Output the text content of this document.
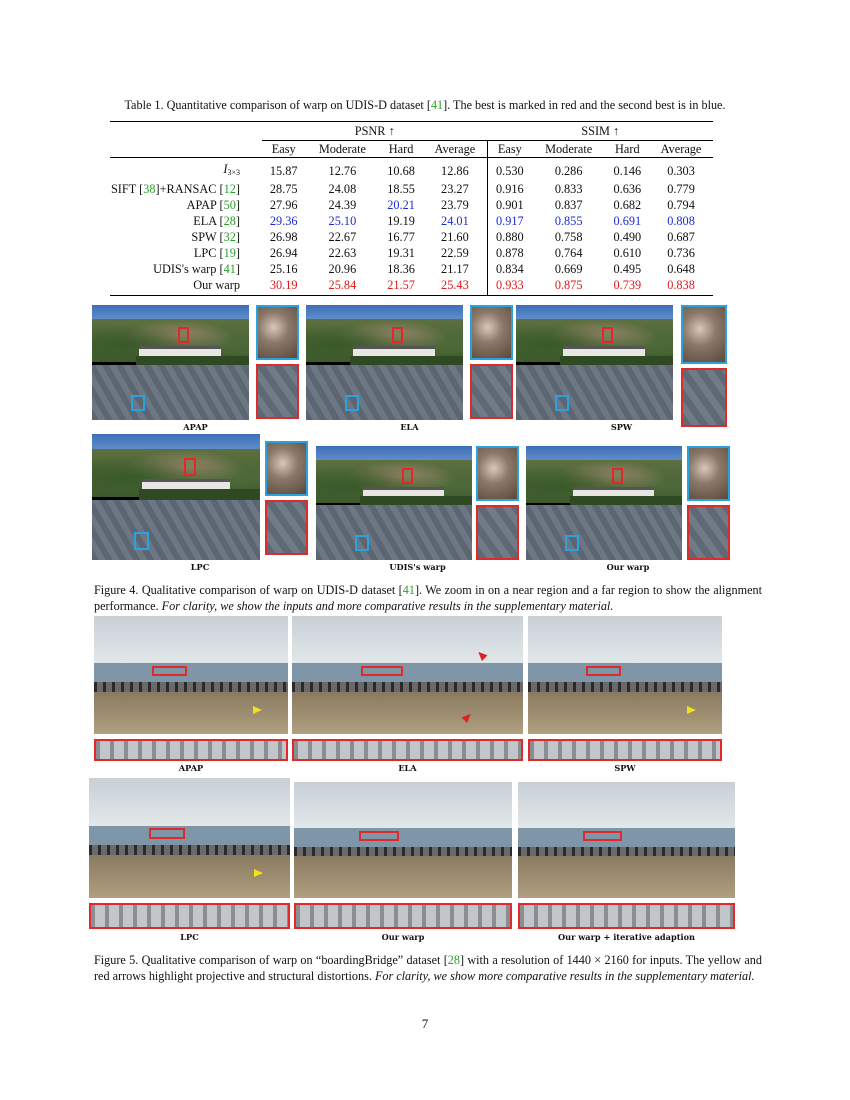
Table 1. Quantitative comparison of warp on UDIS-D dataset [41]. The best is marked in red and the second best is in blue.

	PSNR ↑				SSIM ↑			
	Easy	Moderate	Hard	Average	Easy	Moderate	Hard	Average
$I_{3\times 3}$	15.87	12.76	10.68	12.86	0.530	0.286	0.146	0.303
SIFT [38]+RANSAC [12]	28.75	24.08	18.55	23.27	0.916	0.833	0.636	0.779
APAP [50]	27.96	24.39	20.21	23.79	0.901	0.837	0.682	0.794
ELA [28]	29.36	25.10	19.19	24.01	0.917	0.855	0.691	0.808
SPW [32]	26.98	22.67	16.77	21.60	0.880	0.758	0.490	0.687
LPC [19]	26.94	22.63	19.31	22.59	0.878	0.764	0.610	0.736
UDIS's warp [41]	25.16	20.96	18.36	21.17	0.834	0.669	0.495	0.648
Our warp	30.19	25.84	21.57	25.43	0.933	0.875	0.739	0.838
APAP	ELA	SPW
LPC	UDIS's warp	Our warp
Figure 4. Qualitative comparison of warp on UDIS-D dataset [41]. We zoom in on a near region and a far region to show the alignment performance. For clarity, we show the inputs and more comparative results in the supplementary material.
APAP	ELA	SPW
LPC	Our warp	Our warp + iterative adaption
Figure 5. Qualitative comparison of warp on “boardingBridge” dataset [28] with a resolution of 1440 × 2160 for inputs. The yellow and red arrows highlight projective and structural distortions. For clarity, we show more comparative results in the supplementary material.
7
